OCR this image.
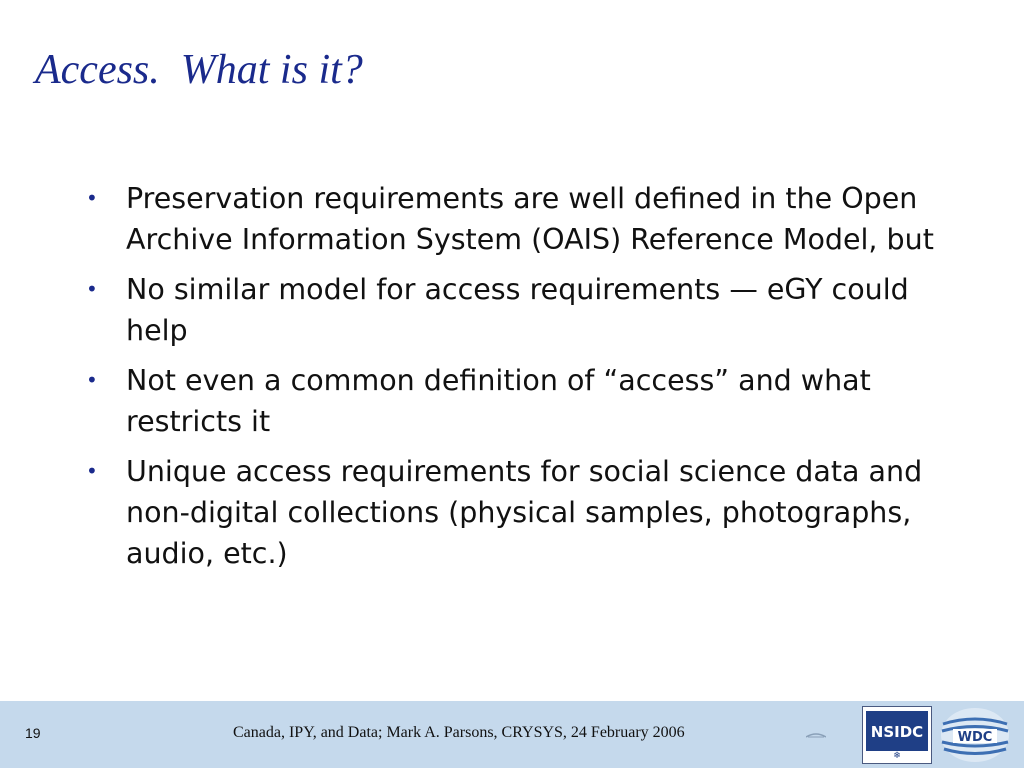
Access.  What is it?
• Preservation requirements are well defined in the Open Archive Information System (OAIS) Reference Model, but
• No similar model for access requirements — eGY could help
• Not even a common definition of “access” and what restricts it
• Unique access requirements for social science data and non-digital collections (physical samples, photographs, audio, etc.)
19	Canada, IPY, and Data; Mark A. Parsons, CRYSYS, 24 February 2006	NSIDC
❄
WDC
